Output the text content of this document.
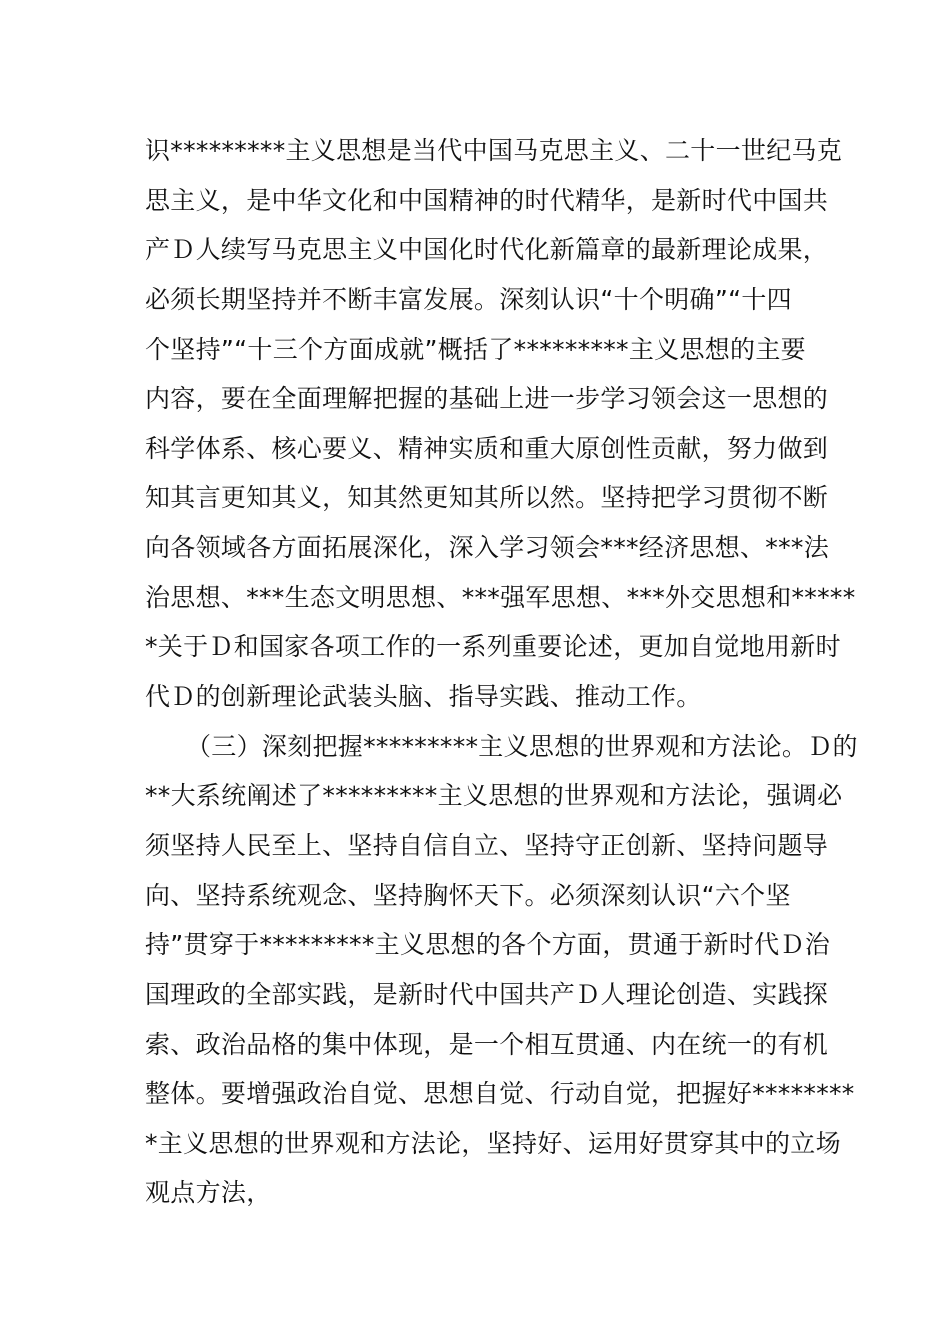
识*********主义思想是当代中国马克思主义、二十一世纪马克
思主义，是中华文化和中国精神的时代精华，是新时代中国共
产Ｄ人续写马克思主义中国化时代化新篇章的最新理论成果，
必须长期坚持并不断丰富发展。深刻认识“十个明确”“十四
个坚持”“十三个方面成就”概括了*********主义思想的主要
内容，要在全面理解把握的基础上进一步学习领会这一思想的
科学体系、核心要义、精神实质和重大原创性贡献，努力做到
知其言更知其义，知其然更知其所以然。坚持把学习贯彻不断
向各领域各方面拓展深化，深入学习领会***经济思想、***法
治思想、***生态文明思想、***强军思想、***外交思想和*****
*关于Ｄ和国家各项工作的一系列重要论述，更加自觉地用新时
代Ｄ的创新理论武装头脑、指导实践、推动工作。
（三）深刻把握*********主义思想的世界观和方法论。Ｄ的
**大系统阐述了*********主义思想的世界观和方法论，强调必
须坚持人民至上、坚持自信自立、坚持守正创新、坚持问题导
向、坚持系统观念、坚持胸怀天下。必须深刻认识“六个坚
持”贯穿于*********主义思想的各个方面，贯通于新时代Ｄ治
国理政的全部实践，是新时代中国共产Ｄ人理论创造、实践探
索、政治品格的集中体现，是一个相互贯通、内在统一的有机
整体。要增强政治自觉、思想自觉、行动自觉，把握好********
*主义思想的世界观和方法论，坚持好、运用好贯穿其中的立场
观点方法，
